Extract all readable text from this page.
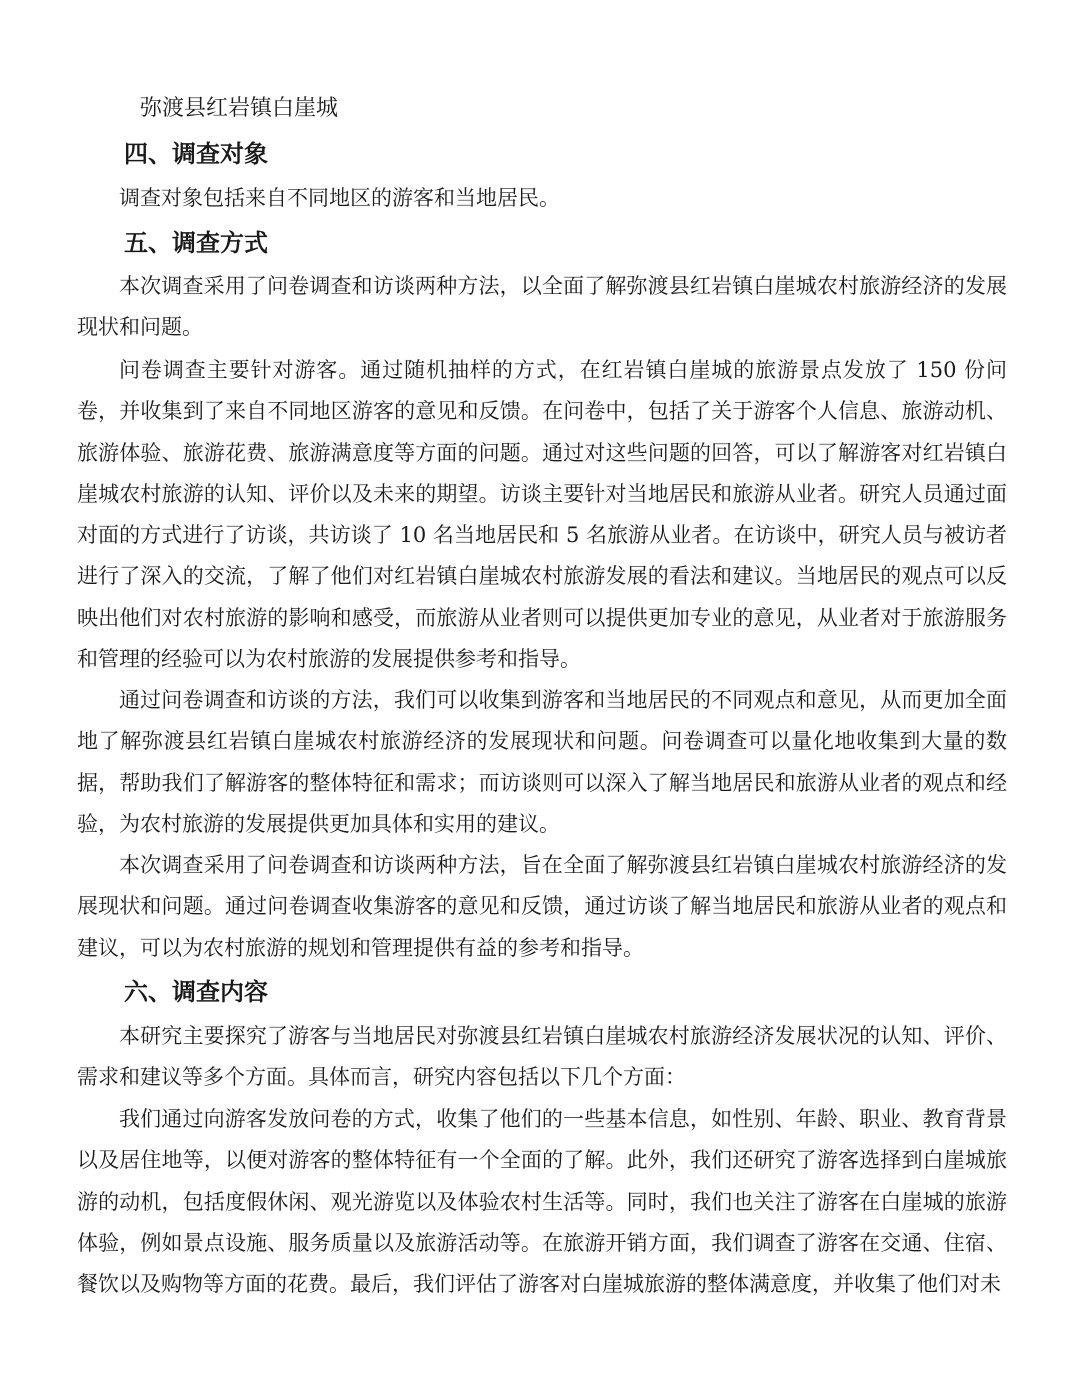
弥渡县红岩镇白崖城
四、调查对象

调查对象包括来自不同地区的游客和当地居民。

五、调查方式

本次调查采用了问卷调查和访谈两种方法，以全面了解弥渡县红岩镇白崖城农村旅游经济的发展现状和问题。

问卷调查主要针对游客。通过随机抽样的方式，在红岩镇白崖城的旅游景点发放了 150 份问卷，并收集到了来自不同地区游客的意见和反馈。在问卷中，包括了关于游客个人信息、旅游动机、旅游体验、旅游花费、旅游满意度等方面的问题。通过对这些问题的回答，可以了解游客对红岩镇白崖城农村旅游的认知、评价以及未来的期望。访谈主要针对当地居民和旅游从业者。研究人员通过面对面的方式进行了访谈，共访谈了 10 名当地居民和 5 名旅游从业者。在访谈中，研究人员与被访者进行了深入的交流，了解了他们对红岩镇白崖城农村旅游发展的看法和建议。当地居民的观点可以反映出他们对农村旅游的影响和感受，而旅游从业者则可以提供更加专业的意见，从业者对于旅游服务和管理的经验可以为农村旅游的发展提供参考和指导。

通过问卷调查和访谈的方法，我们可以收集到游客和当地居民的不同观点和意见，从而更加全面地了解弥渡县红岩镇白崖城农村旅游经济的发展现状和问题。问卷调查可以量化地收集到大量的数据，帮助我们了解游客的整体特征和需求；而访谈则可以深入了解当地居民和旅游从业者的观点和经验，为农村旅游的发展提供更加具体和实用的建议。

本次调查采用了问卷调查和访谈两种方法，旨在全面了解弥渡县红岩镇白崖城农村旅游经济的发展现状和问题。通过问卷调查收集游客的意见和反馈，通过访谈了解当地居民和旅游从业者的观点和建议，可以为农村旅游的规划和管理提供有益的参考和指导。

六、调查内容

本研究主要探究了游客与当地居民对弥渡县红岩镇白崖城农村旅游经济发展状况的认知、评价、需求和建议等多个方面。具体而言，研究内容包括以下几个方面：

我们通过向游客发放问卷的方式，收集了他们的一些基本信息，如性别、年龄、职业、教育背景以及居住地等，以便对游客的整体特征有一个全面的了解。此外，我们还研究了游客选择到白崖城旅游的动机，包括度假休闲、观光游览以及体验农村生活等。同时，我们也关注了游客在白崖城的旅游体验，例如景点设施、服务质量以及旅游活动等。在旅游开销方面，我们调查了游客在交通、住宿、餐饮以及购物等方面的花费。最后，我们评估了游客对白崖城旅游的整体满意度，并收集了他们对未
